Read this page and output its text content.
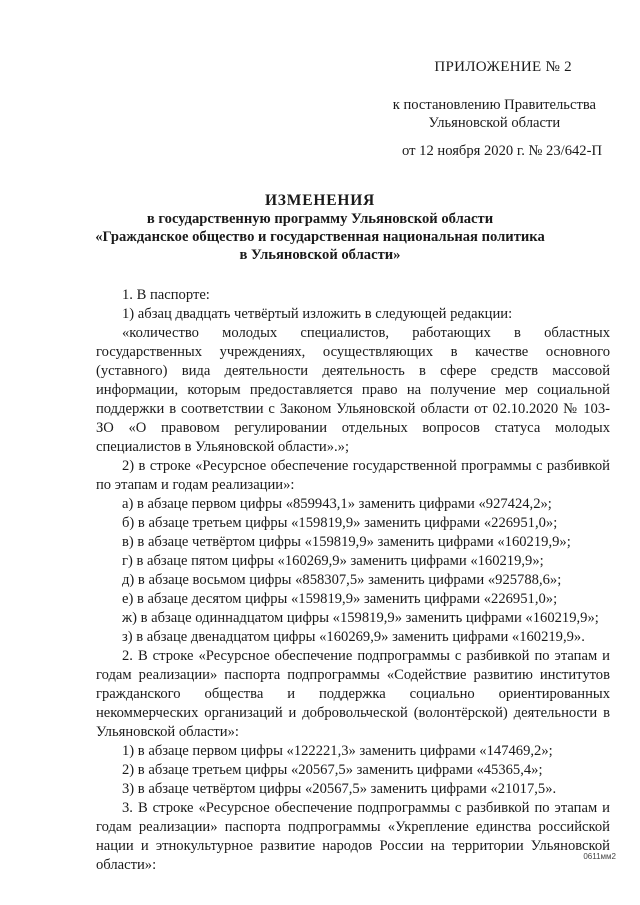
ПРИЛОЖЕНИЕ № 2
к постановлению Правительства
Ульяновской области
от 12 ноября 2020 г. № 23/642-П
ИЗМЕНЕНИЯ
в государственную программу Ульяновской области
«Гражданское общество и государственная национальная политика
в Ульяновской области»

1. В паспорте:

1) абзац двадцать четвёртый изложить в следующей редакции:

«количество молодых специалистов, работающих в областных государственных учреждениях, осуществляющих в качестве основного (уставного) вида деятельности деятельность в сфере средств массовой информации, которым предоставляется право на получение мер социальной поддержки в соответствии с Законом Ульяновской области от 02.10.2020 № 103-ЗО «О правовом регулировании отдельных вопросов статуса молодых специалистов в Ульяновской области».»;

2) в строке «Ресурсное обеспечение государственной программы с разбивкой по этапам и годам реализации»:

а) в абзаце первом цифры «859943,1» заменить цифрами «927424,2»;

б) в абзаце третьем цифры «159819,9» заменить цифрами «226951,0»;

в) в абзаце четвёртом цифры «159819,9» заменить цифрами «160219,9»;

г) в абзаце пятом цифры «160269,9» заменить цифрами «160219,9»;

д) в абзаце восьмом цифры «858307,5» заменить цифрами «925788,6»;

е) в абзаце десятом цифры «159819,9» заменить цифрами «226951,0»;

ж) в абзаце одиннадцатом цифры «159819,9» заменить цифрами «160219,9»;

з) в абзаце двенадцатом цифры «160269,9» заменить цифрами «160219,9».

2. В строке «Ресурсное обеспечение подпрограммы с разбивкой по этапам и годам реализации» паспорта подпрограммы «Содействие развитию институтов гражданского общества и поддержка социально ориентированных некоммерческих организаций и добровольческой (волонтёрской) деятельности в Ульяновской области»:

1) в абзаце первом цифры «122221,3» заменить цифрами «147469,2»;

2) в абзаце третьем цифры «20567,5» заменить цифрами «45365,4»;

3) в абзаце четвёртом цифры «20567,5» заменить цифрами «21017,5».

3. В строке «Ресурсное обеспечение подпрограммы с разбивкой по этапам и годам реализации» паспорта подпрограммы «Укрепление единства российской нации и этнокультурное развитие народов России на территории Ульяновской области»:

0611мм2
